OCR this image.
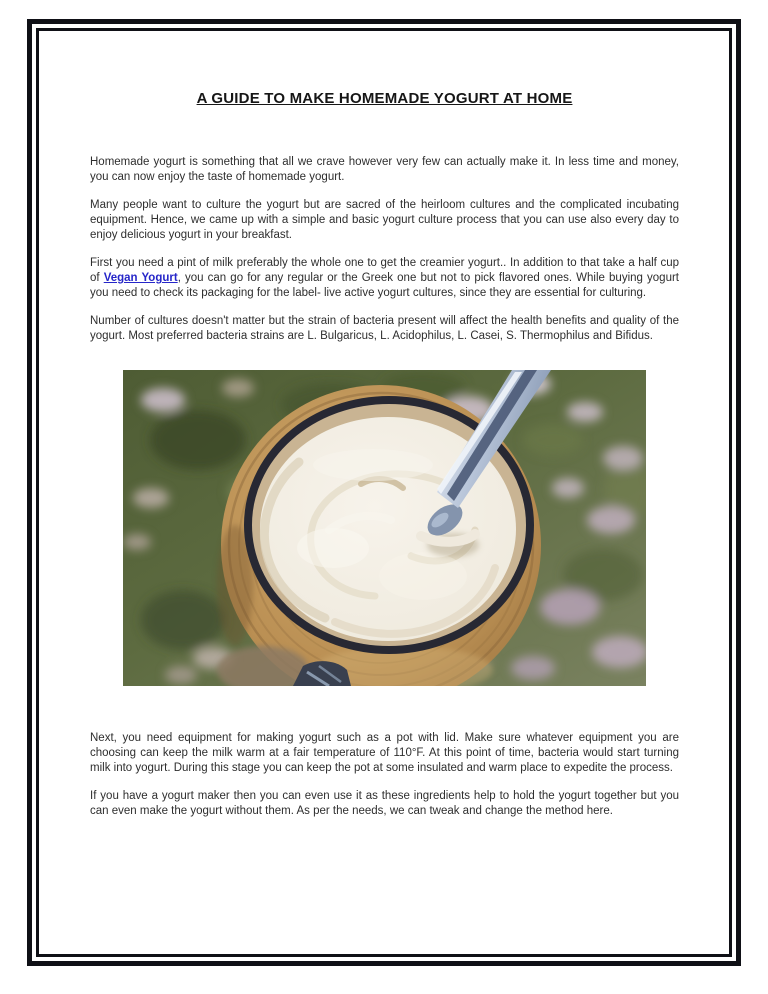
A GUIDE TO MAKE HOMEMADE YOGURT AT HOME

Homemade yogurt is something that all we crave however very few can actually make it. In less time and money, you can now enjoy the taste of homemade yogurt.

Many people want to culture the yogurt but are sacred of the heirloom cultures and the complicated incubating equipment. Hence, we came up with a simple and basic yogurt culture process that you can use also every day to enjoy delicious yogurt in your breakfast.

First you need a pint of milk preferably the whole one to get the creamier yogurt.. In addition to that take a half cup of Vegan Yogurt, you can go for any regular or the Greek one but not to pick flavored ones. While buying yogurt you need to check its packaging for the label- live active yogurt cultures, since they are essential for culturing.

Number of cultures doesn't matter but the strain of bacteria present will affect the health benefits and quality of the yogurt. Most preferred bacteria strains are L. Bulgaricus, L. Acidophilus, L. Casei, S. Thermophilus and Bifidus.

Next, you need equipment for making yogurt such as a pot with lid. Make sure whatever equipment you are choosing can keep the milk warm at a fair temperature of 110°F. At this point of time, bacteria would start turning milk into yogurt. During this stage you can keep the pot at some insulated and warm place to expedite the process.

If you have a yogurt maker then you can even use it as these ingredients help to hold the yogurt together but you can even make the yogurt without them. As per the needs, we can tweak and change the method here.
